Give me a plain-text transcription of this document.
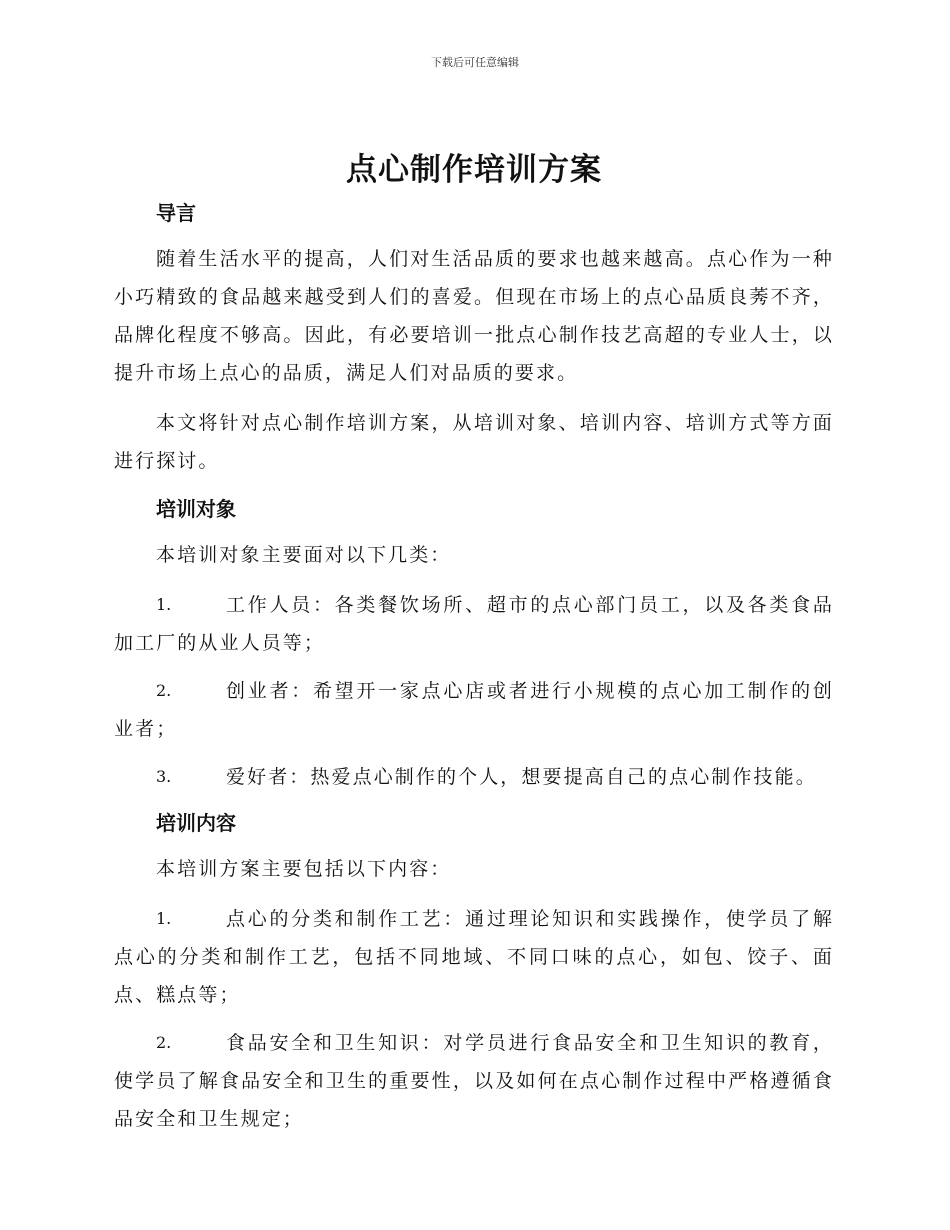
下载后可任意编辑
点心制作培训方案
导言

随着生活水平的提高，人们对生活品质的要求也越来越高。点心作为一种小巧精致的食品越来越受到人们的喜爱。但现在市场上的点心品质良莠不齐，品牌化程度不够高。因此，有必要培训一批点心制作技艺高超的专业人士，以提升市场上点心的品质，满足人们对品质的要求。

本文将针对点心制作培训方案，从培训对象、培训内容、培训方式等方面进行探讨。

培训对象

本培训对象主要面对以下几类：

1.	工作人员：各类餐饮场所、超市的点心部门员工，以及各类食品加工厂的从业人员等；

2.	创业者：希望开一家点心店或者进行小规模的点心加工制作的创业者；

3.	爱好者：热爱点心制作的个人，想要提高自己的点心制作技能。

培训内容

本培训方案主要包括以下内容：

1.	点心的分类和制作工艺：通过理论知识和实践操作，使学员了解点心的分类和制作工艺，包括不同地域、不同口味的点心，如包、饺子、面点、糕点等；

2.	食品安全和卫生知识：对学员进行食品安全和卫生知识的教育，使学员了解食品安全和卫生的重要性，以及如何在点心制作过程中严格遵循食品安全和卫生规定；
